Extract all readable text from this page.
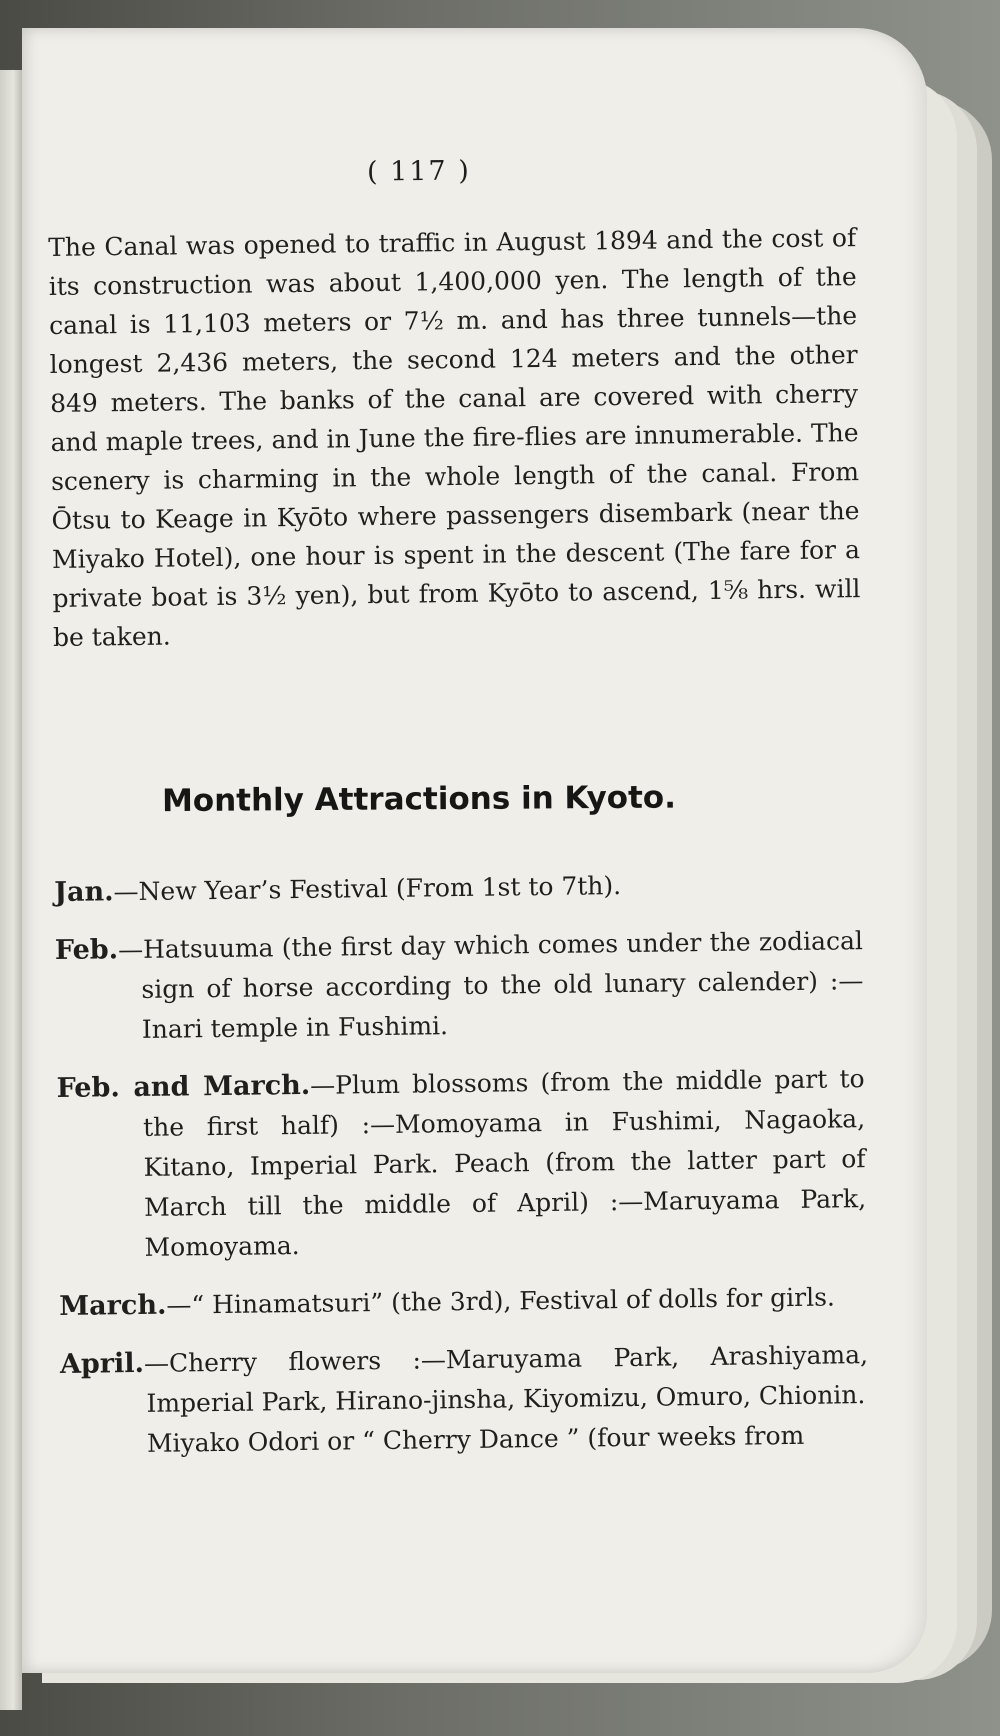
( 117 )
The Canal was opened to traffic in August 1894 and the cost of its construction was about 1,400,000 yen. The length of the canal is 11,103 meters or 7½ m. and has three tunnels—the longest 2,436 meters, the second 124 meters and the other 849 meters. The banks of the canal are covered with cherry and maple trees, and in June the fire-flies are innumerable. The scenery is charming in the whole length of the canal. From Ōtsu to Keage in Kyōto where passengers disembark (near the Miyako Hotel), one hour is spent in the descent (The fare for a private boat is 3½ yen), but from Kyōto to ascend, 1⅝ hrs. will be taken.
Monthly Attractions in Kyoto.
Jan.—New Year’s Festival (From 1st to 7th).
Feb.—Hatsuuma (the first day which comes under the zodiacal sign of horse according to the old lunary calender) :—Inari temple in Fushimi.
Feb. and March.—Plum blossoms (from the middle part to the first half) :—Momoyama in Fushimi, Nagaoka, Kitano, Imperial Park. Peach (from the latter part of March till the middle of April) :—Maruyama Park, Momoyama.
March.—“ Hinamatsuri” (the 3rd), Festival of dolls for girls.
April.—Cherry flowers :—Maruyama Park, Arashiyama, Imperial Park, Hirano-jinsha, Kiyomizu, Omuro, Chionin.
Miyako Odori or “ Cherry Dance ” (four weeks from
